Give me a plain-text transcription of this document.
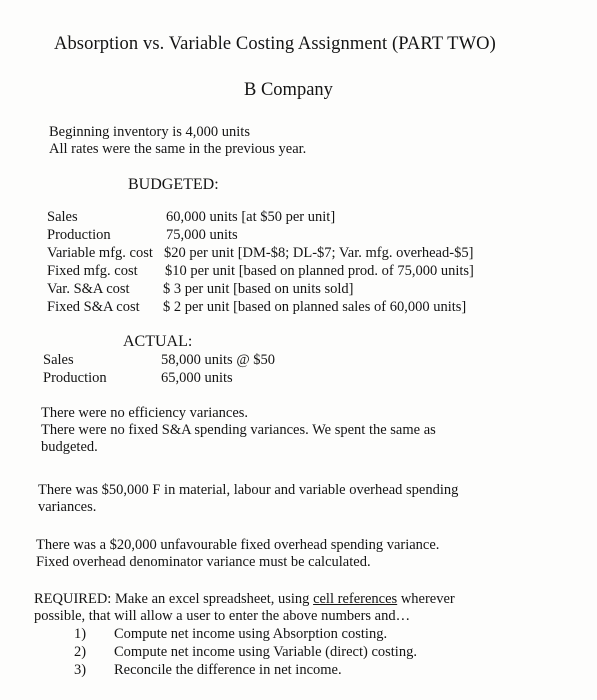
Absorption vs. Variable Costing Assignment (PART TWO)
B Company
Beginning inventory is 4,000 units
All rates were the same in the previous year.
BUDGETED:
Sales	60,000 units [at $50 per unit]
Production	75,000 units
Variable mfg. cost $20 per unit [DM-$8; DL-$7; Var. mfg. overhead-$5]
Fixed mfg. cost $10 per unit [based on planned prod. of 75,000 units]
Var. S&A cost $ 3 per unit [based on units sold]
Fixed S&A cost $ 2 per unit [based on planned sales of 60,000 units]
ACTUAL:
Sales	58,000 units @ $50
Production	65,000 units
There were no efficiency variances.
There were no fixed S&A spending variances. We spent the same as
budgeted.
There was $50,000 F in material, labour and variable overhead spending
variances.
There was a $20,000 unfavourable fixed overhead spending variance.
Fixed overhead denominator variance must be calculated.
REQUIRED: Make an excel spreadsheet, using cell references wherever
possible, that will allow a user to enter the above numbers and…
1) Compute net income using Absorption costing.
2) Compute net income using Variable (direct) costing.
3) Reconcile the difference in net income.
